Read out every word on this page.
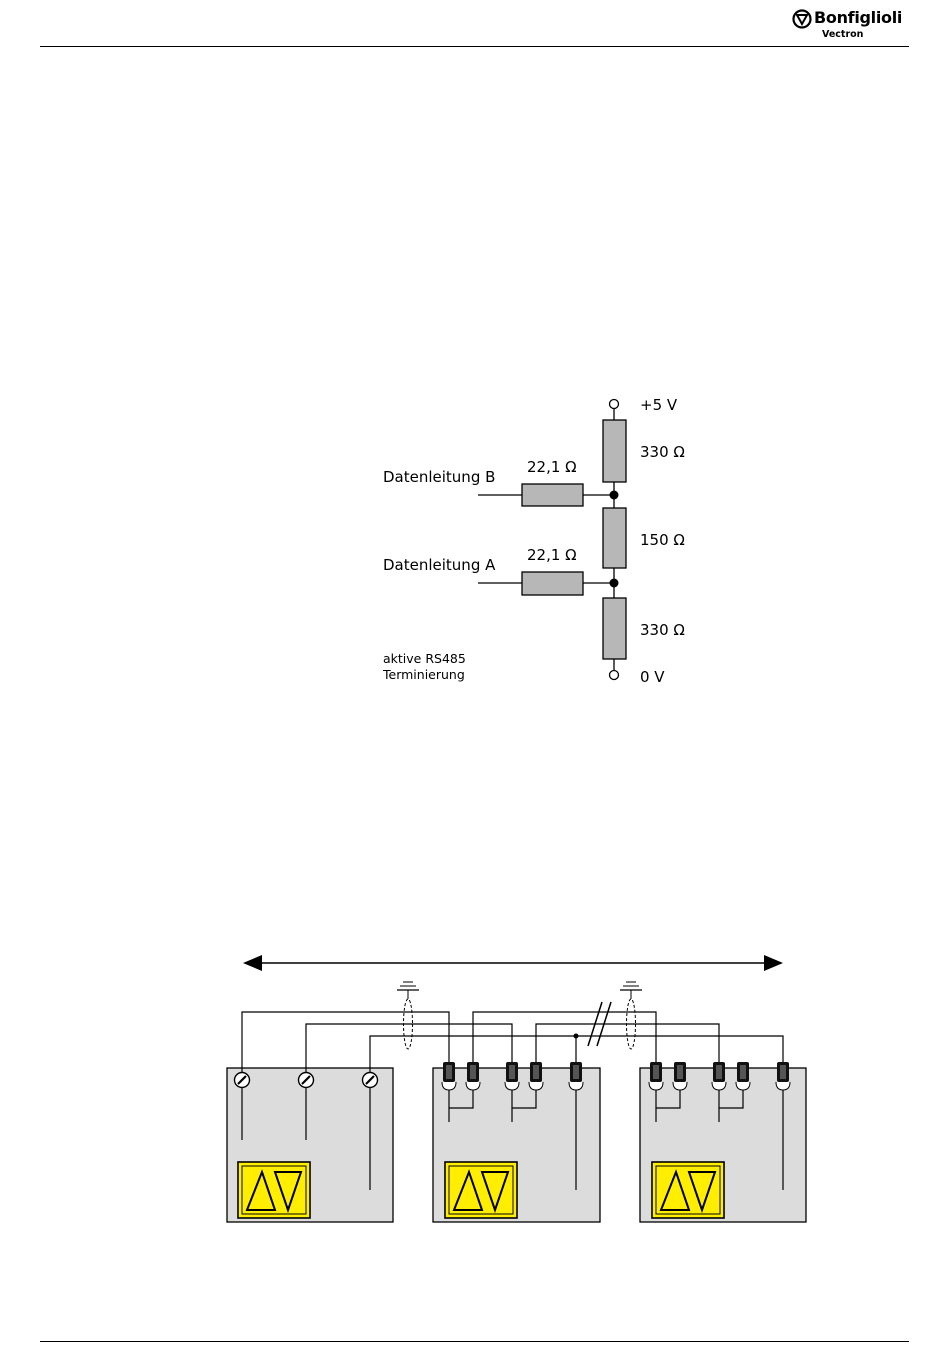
Bonfiglioli
Vectron
+5 V
330 Ω
150 Ω
330 Ω
0 V
22,1 Ω
22,1 Ω
Datenleitung B
Datenleitung A
aktive RS485
Terminierung
